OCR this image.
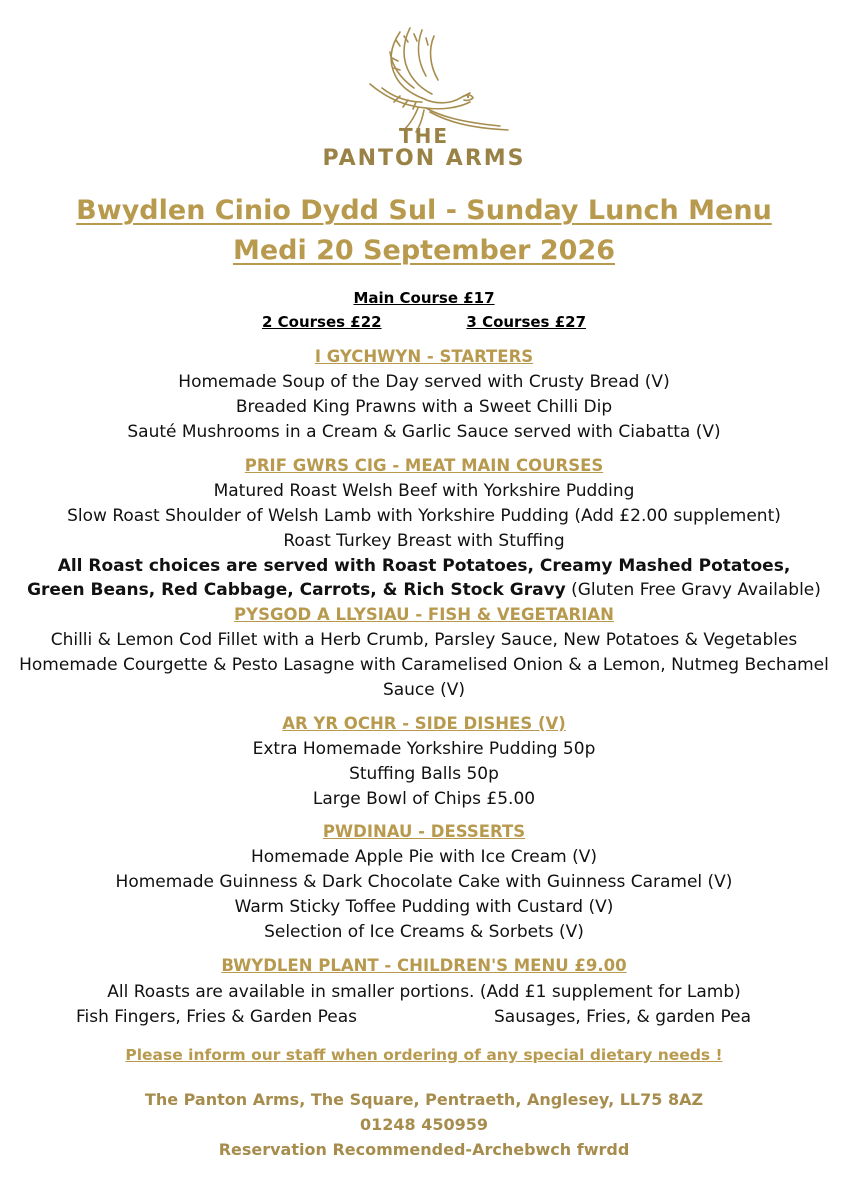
THE
PANTON ARMS
Bwydlen Cinio Dydd Sul - Sunday Lunch Menu
Medi 20 September 2026
Main Course £17
2 Courses £22	3 Courses £27
I GYCHWYN - STARTERS
Homemade Soup of the Day served with Crusty Bread (V)
Breaded King Prawns with a Sweet Chilli Dip
Sauté Mushrooms in a Cream & Garlic Sauce served with Ciabatta (V)
PRIF GWRS CIG - MEAT MAIN COURSES
Matured Roast Welsh Beef with Yorkshire Pudding
Slow Roast Shoulder of Welsh Lamb with Yorkshire Pudding (Add £2.00 supplement)
Roast Turkey Breast with Stuffing
All Roast choices are served with Roast Potatoes, Creamy Mashed Potatoes,
Green Beans, Red Cabbage, Carrots, & Rich Stock Gravy (Gluten Free Gravy Available)
PYSGOD A LLYSIAU - FISH & VEGETARIAN
Chilli & Lemon Cod Fillet with a Herb Crumb, Parsley Sauce, New Potatoes & Vegetables
Homemade Courgette & Pesto Lasagne with Caramelised Onion & a Lemon, Nutmeg Bechamel
Sauce (V)
AR YR OCHR - SIDE DISHES (V)
Extra Homemade Yorkshire Pudding 50p
Stuffing Balls 50p
Large Bowl of Chips £5.00
PWDINAU - DESSERTS
Homemade Apple Pie with Ice Cream (V)
Homemade Guinness & Dark Chocolate Cake with Guinness Caramel (V)
Warm Sticky Toffee Pudding with Custard (V)
Selection of Ice Creams & Sorbets (V)
BWYDLEN PLANT - CHILDREN'S MENU £9.00
All Roasts are available in smaller portions. (Add £1 supplement for Lamb)
Fish Fingers, Fries & Garden Peas	Sausages, Fries, & garden Pea
Please inform our staff when ordering of any special dietary needs !
The Panton Arms, The Square, Pentraeth, Anglesey, LL75 8AZ
01248 450959
Reservation Recommended-Archebwch fwrdd
